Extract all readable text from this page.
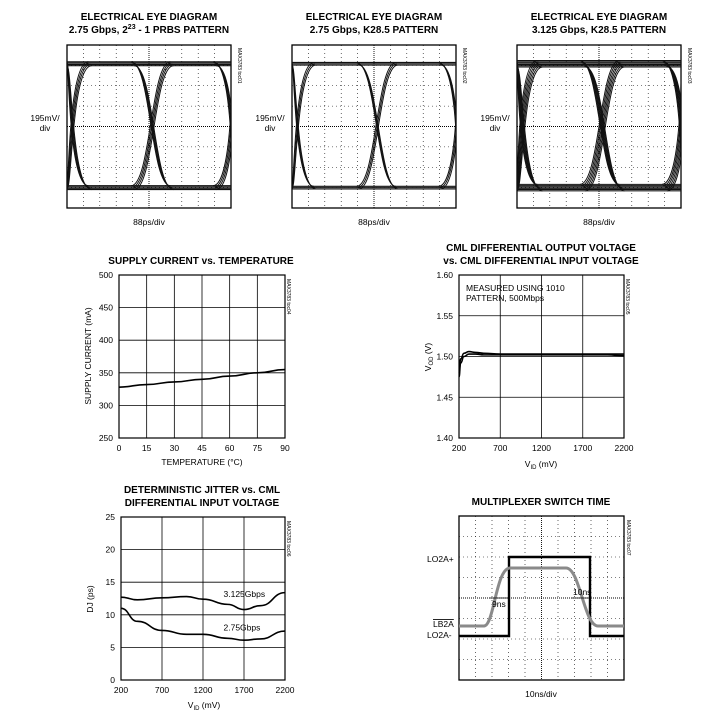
ELECTRICAL EYE DIAGRAM
2.75 Gbps, $2^{23} - 1$ PRBS PATTERN
195mV/
div
88ps/div
MAX3783 toc01
ELECTRICAL EYE DIAGRAM
2.75 Gbps, K28.5 PATTERN
195mV/
div
88ps/div
MAX3783 toc02
ELECTRICAL EYE DIAGRAM
3.125 Gbps, K28.5 PATTERN
195mV/
div
88ps/div
MAX3783 toc03
SUPPLY CURRENT vs. TEMPERATURE
0 15 30 45 60 75 90
250
300
350
400
450
500
TEMPERATURE (°C)
SUPPLY CURRENT (mA)
MAX3783 toc04
CML DIFFERENTIAL OUTPUT VOLTAGE
vs. CML DIFFERENTIAL INPUT VOLTAGE
200	700	1200	1700	2200
1.40
1.45
1.50
1.55
1.60
MEASURED USING 1010
PATTERN, 500Mbps
$V_{ID}$ (mV)
$V_{OD}$ (V)
MAX3783 toc05
DETERMINISTIC JITTER vs. CML
DIFFERENTIAL INPUT VOLTAGE
200	700	1200	1700	2200
0
5
10
15
20
25
3.125Gbps
2.75Gbps
$V_{ID}$ (mV)
DJ (ps)
MAX3783 toc06
MULTIPLEXER SWITCH TIME
LO2A+
LB2A
LO2A-
9ns
10ns
10ns/div
MAX3783 toc07
